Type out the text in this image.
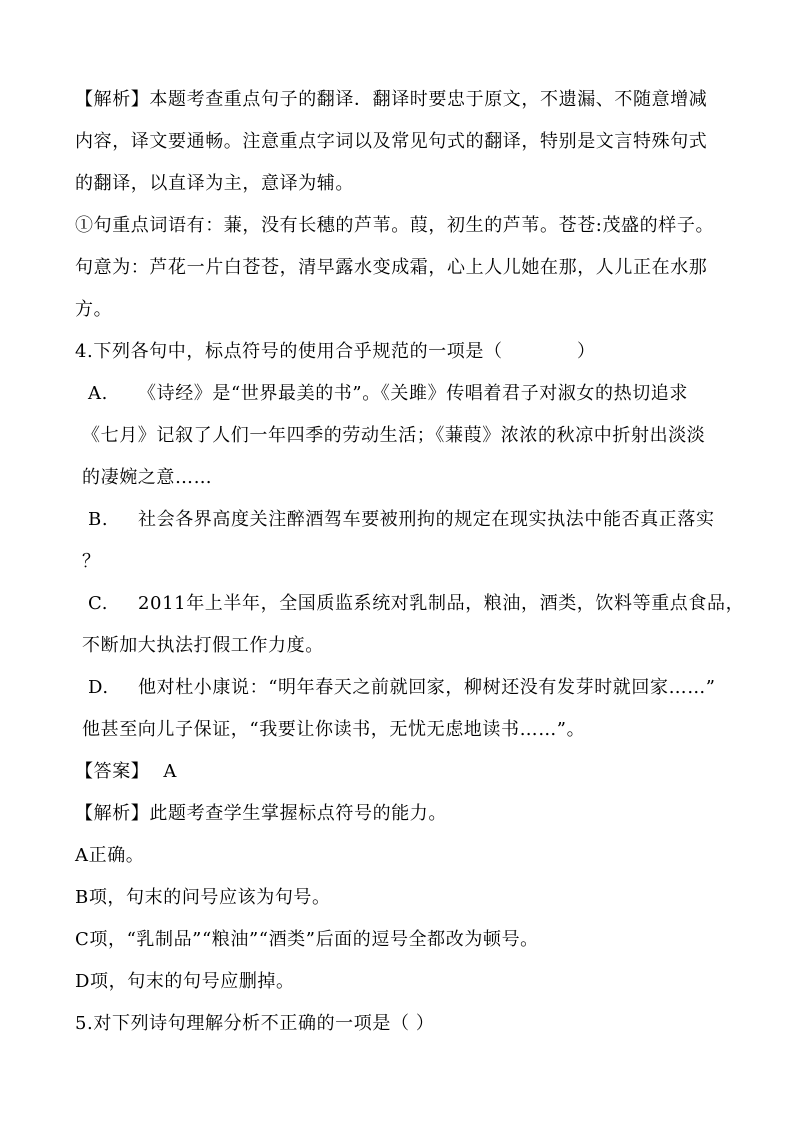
【解析】本题考查重点句子的翻译．翻译时要忠于原文，不遗漏、不随意增减
内容，译文要通畅。注意重点字词以及常见句式的翻译，特别是文言特殊句式
的翻译，以直译为主，意译为辅。
①句重点词语有：蒹，没有长穗的芦苇。葭，初生的芦苇。苍苍:茂盛的样子。
句意为：芦花一片白苍苍，清早露水变成霜，心上人儿她在那，人儿正在水那
方。
4.下列各句中，标点符号的使用合乎规范的一项是（　　　　）
A. 《诗经》是“世界最美的书”。《关雎》传唱着君子对淑女的热切追求
《七月》记叙了人们一年四季的劳动生活；《蒹葭》浓浓的秋凉中折射出淡淡
的凄婉之意……
B. 社会各界高度关注醉酒驾车要被刑拘的规定在现实执法中能否真正落实
？
C. 2011年上半年，全国质监系统对乳制品，粮油，酒类，饮料等重点食品，
不断加大执法打假工作力度。
D. 他对杜小康说：“明年春天之前就回家，柳树还没有发芽时就回家……”
他甚至向儿子保证，“我要让你读书，无忧无虑地读书……”。
【答案】 A
【解析】此题考查学生掌握标点符号的能力。
A正确。
B项，句末的问号应该为句号。
C项，“乳制品”“粮油”“酒类”后面的逗号全都改为顿号。
D项，句末的句号应删掉。
5.对下列诗句理解分析不正确的一项是（ ）
